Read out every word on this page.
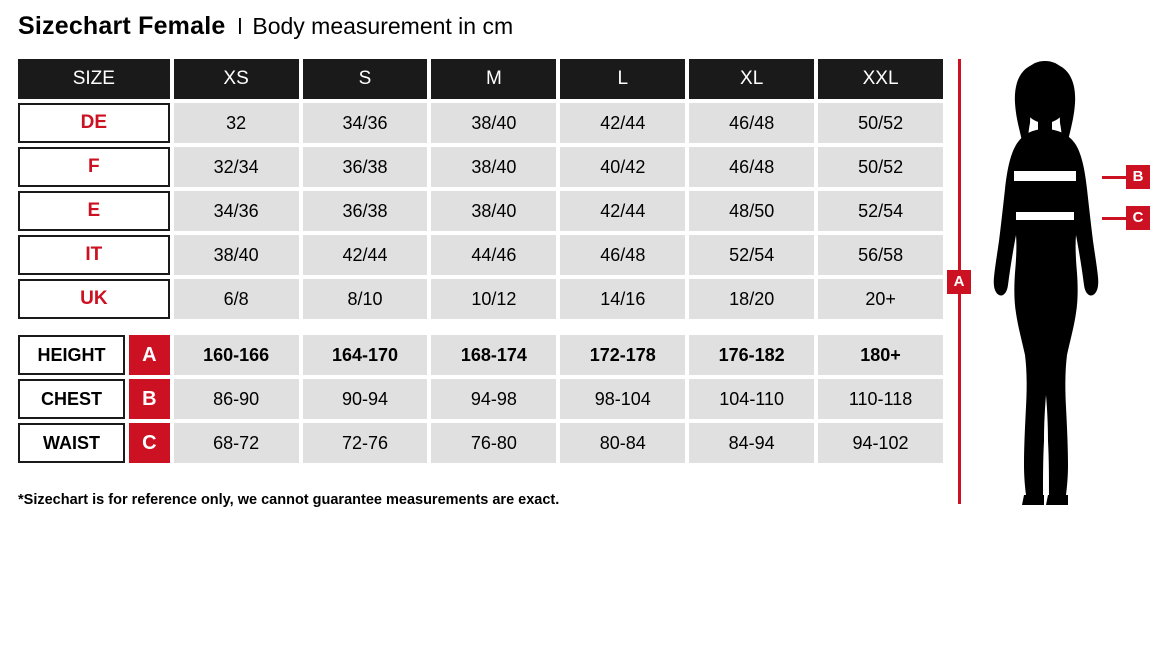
Sizechart Female l Body measurement in cm
SIZE	XS	S	M	L	XL	XXL
DE	32	34/36	38/40	42/44	46/48	50/52
F	32/34	36/38	38/40	40/42	46/48	50/52
E	34/36	36/38	38/40	42/44	48/50	52/54
IT	38/40	42/44	44/46	46/48	52/54	56/58
UK	6/8	8/10	10/12	14/16	18/20	20+
HEIGHT	A	160-166	164-170	168-174	172-178	176-182	180+
CHEST	B	86-90	90-94	94-98	98-104	104-110	110-118
WAIST	C	68-72	72-76	76-80	80-84	84-94	94-102
*Sizechart is for reference only, we cannot guarantee measurements are exact.
A
B
C
